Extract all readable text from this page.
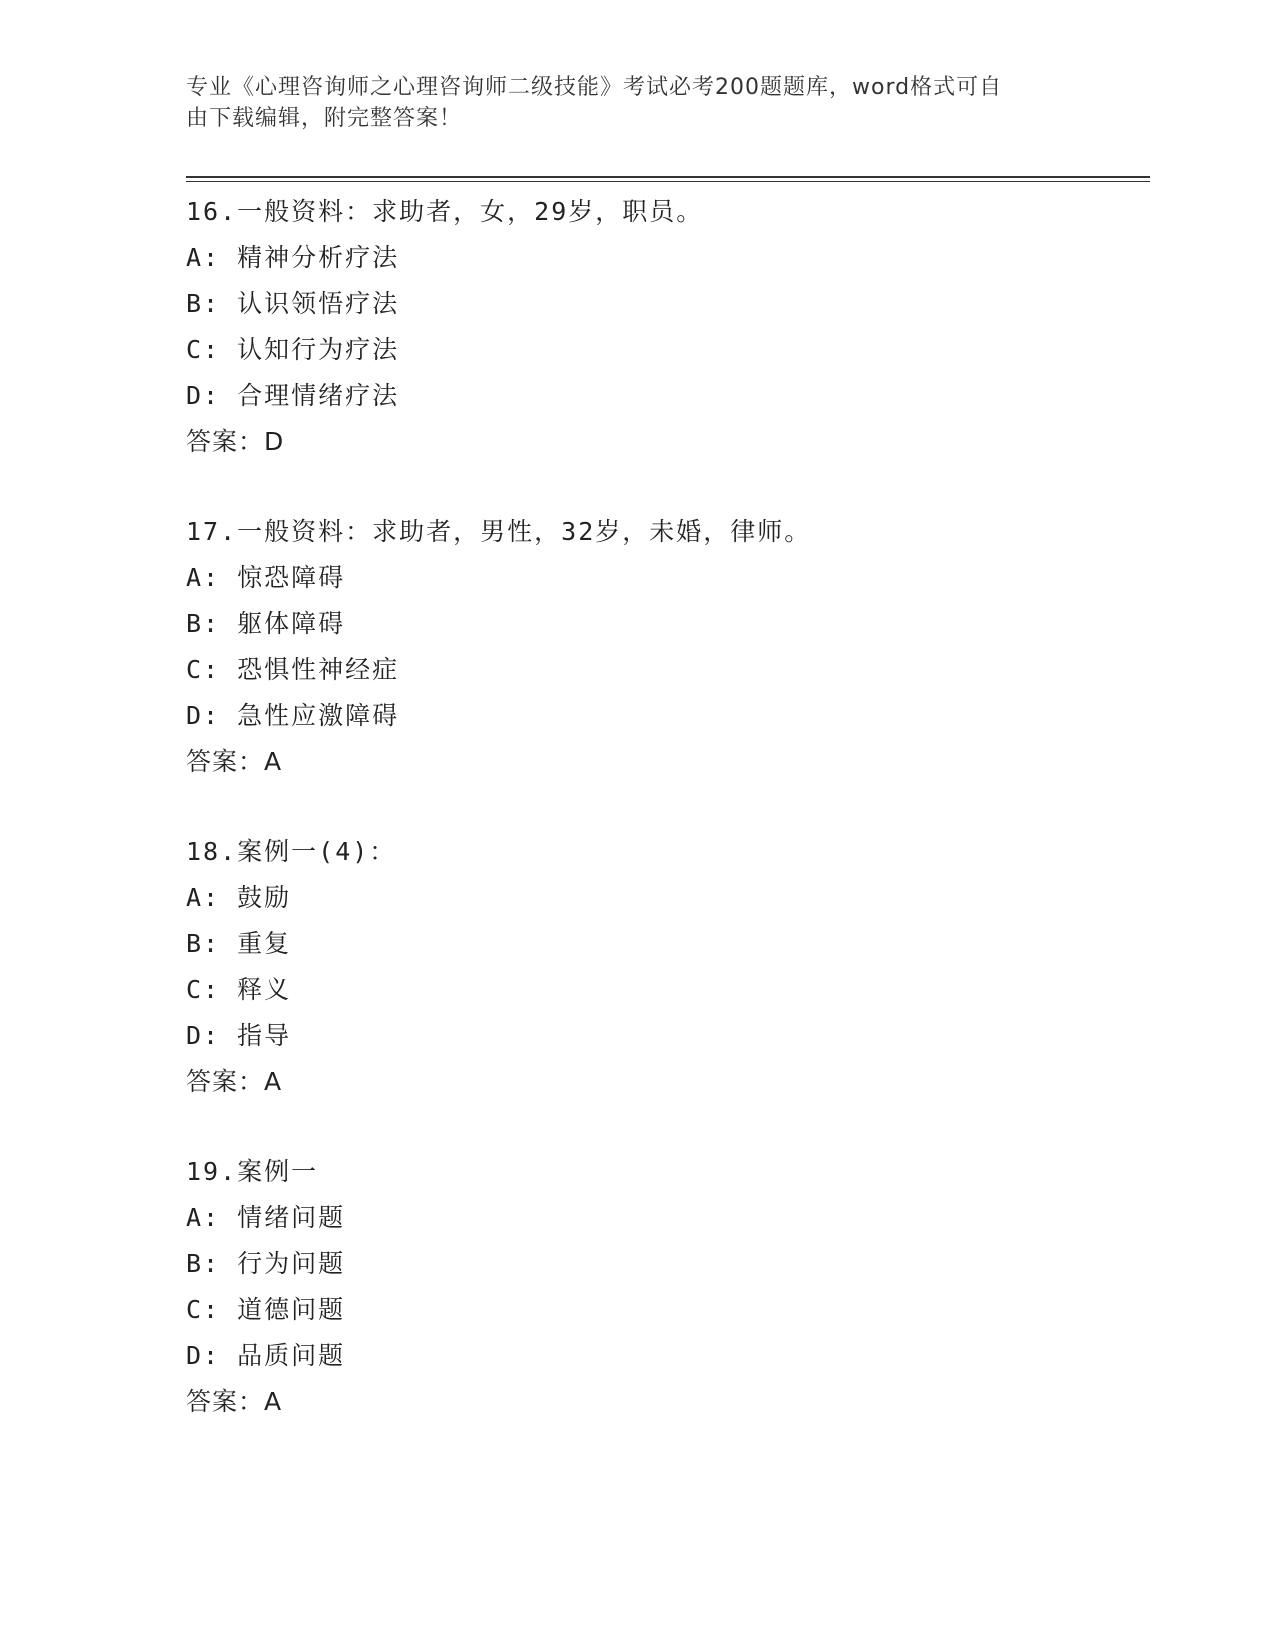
专业《心理咨询师之心理咨询师二级技能》考试必考200题题库，word格式可自
由下载编辑，附完整答案！
16.一般资料：求助者，女，29岁，职员。
A: 精神分析疗法
B: 认识领悟疗法
C: 认知行为疗法
D: 合理情绪疗法
答案：D
17.一般资料：求助者，男性，32岁，未婚，律师。
A: 惊恐障碍
B: 躯体障碍
C: 恐惧性神经症
D: 急性应激障碍
答案：A
18.案例一(4)：
A: 鼓励
B: 重复
C: 释义
D: 指导
答案：A
19.案例一
A: 情绪问题
B: 行为问题
C: 道德问题
D: 品质问题
答案：A
